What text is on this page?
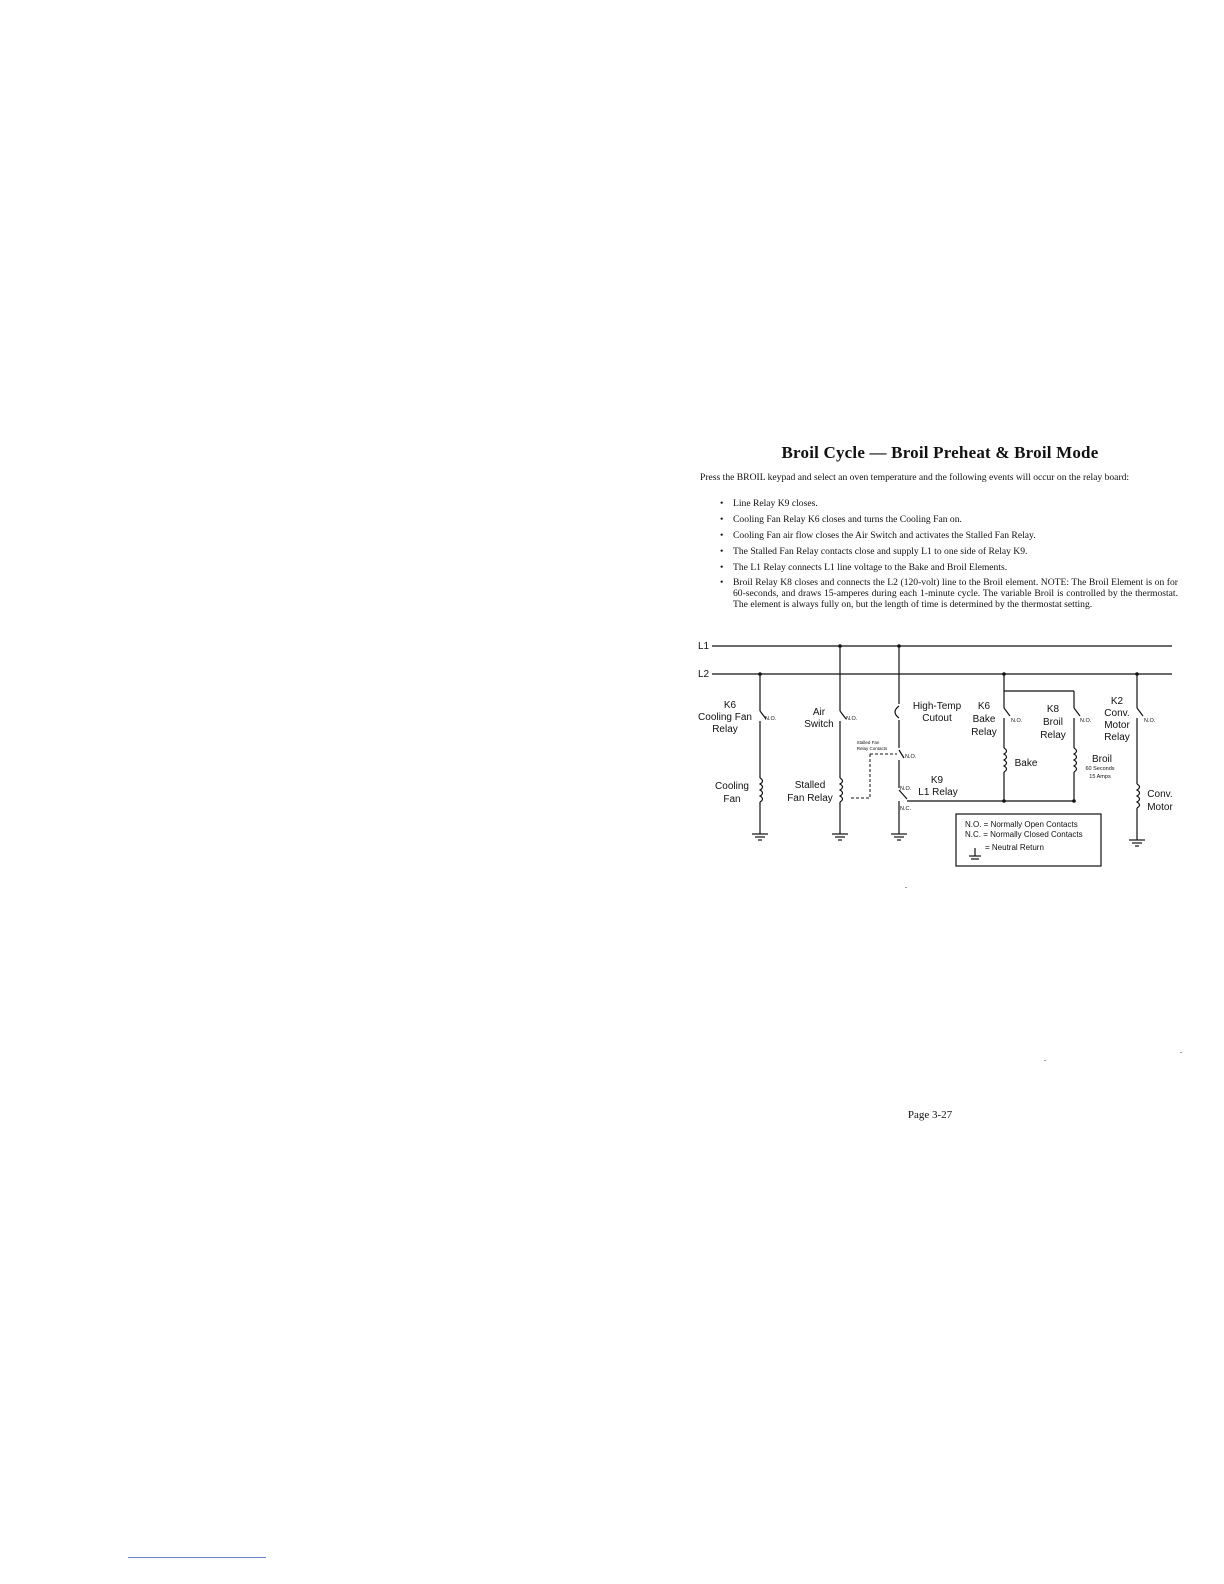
Broil Cycle — Broil Preheat & Broil Mode

Press the BROIL keypad and select an oven temperature and the following events will occur on the relay board:

• Line Relay K9 closes.
• Cooling Fan Relay K6 closes and turns the Cooling Fan on.
• Cooling Fan air flow closes the Air Switch and activates the Stalled Fan Relay.
• The Stalled Fan Relay contacts close and supply L1 to one side of Relay K9.
• The L1 Relay connects L1 line voltage to the Bake and Broil Elements.
• Broil Relay K8 closes and connects the L2 (120-volt) line to the Broil element. NOTE: The Broil Element is on for 60-seconds, and draws 15-amperes during each 1-minute cycle. The variable Broil is controlled by the thermostat. The element is always fully on, but the length of time is determined by the thermostat setting.
L1
L2
K6
Cooling Fan
Relay
N.O.
Air
Switch N.O.
High-Temp
Cutout
K6
Bake
Relay
N.O.
K8
Broil
Relay
N.O.
K2
Conv.
Motor
Relay
N.O.
Stalled Fan
Relay Contacts
N.O.
K9
L1 Relay
N.O.
N.C.
Cooling
Fan
Stalled
Fan Relay
Bake	Broil
60 Seconds
15 Amps
Conv.
Motor
N.O. = Normally Open Contacts
N.C. = Normally Closed Contacts
= Neutral Return
Page 3-27
